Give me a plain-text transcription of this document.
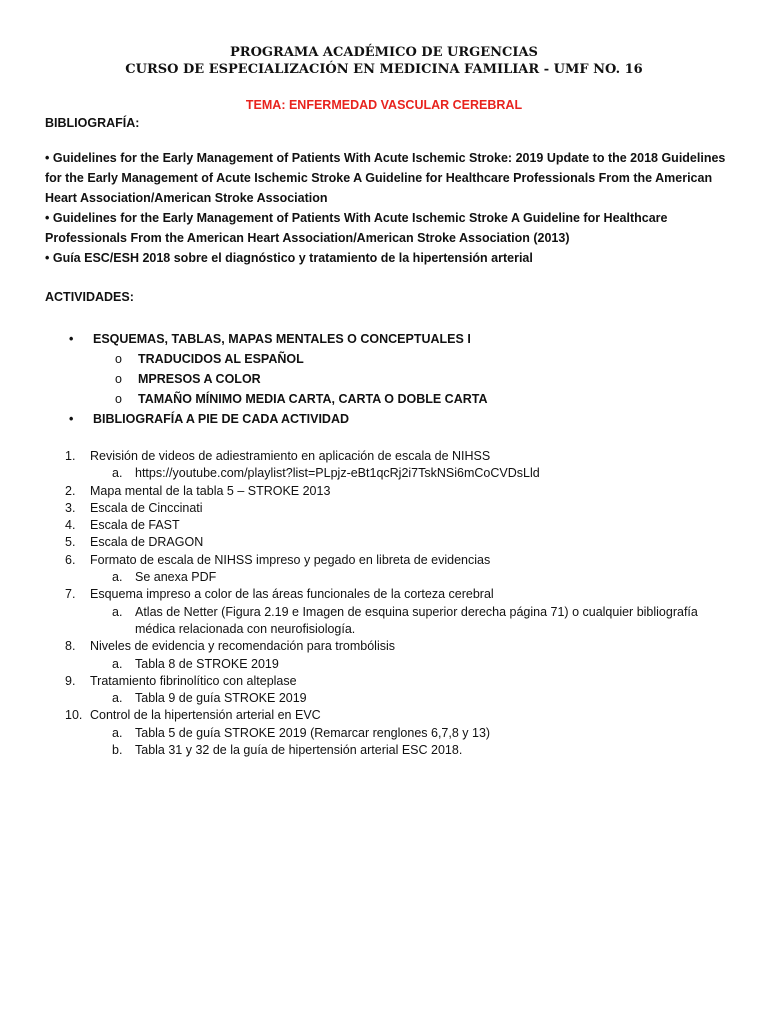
PROGRAMA ACADÉMICO DE URGENCIAS
CURSO DE ESPECIALIZACIÓN EN MEDICINA FAMILIAR - UMF NO. 16
TEMA: ENFERMEDAD VASCULAR CEREBRAL
BIBLIOGRAFÍA:

• Guidelines for the Early Management of Patients With Acute Ischemic Stroke: 2019 Update to the 2018 Guidelines for the Early Management of Acute Ischemic Stroke A Guideline for Healthcare Professionals From the American Heart Association/American Stroke Association

• Guidelines for the Early Management of Patients With Acute Ischemic Stroke A Guideline for Healthcare Professionals From the American Heart Association/American Stroke Association (2013)

• Guía ESC/ESH 2018 sobre el diagnóstico y tratamiento de la hipertensión arterial

ACTIVIDADES:
• ESQUEMAS, TABLAS, MAPAS MENTALES O CONCEPTUALES I
o TRADUCIDOS AL ESPAÑOL
o MPRESOS A COLOR
o TAMAÑO MÍNIMO MEDIA CARTA, CARTA O DOBLE CARTA
• BIBLIOGRAFÍA A PIE DE CADA ACTIVIDAD
1. Revisión de videos de adiestramiento en aplicación de escala de NIHSS
a. https://youtube.com/playlist?list=PLpjz-eBt1qcRj2i7TskNSi6mCoCVDsLld
2. Mapa mental de la tabla 5 – STROKE 2013
3. Escala de Cinccinati
4. Escala de FAST
5. Escala de DRAGON
6. Formato de escala de NIHSS impreso y pegado en libreta de evidencias
a. Se anexa PDF
7. Esquema impreso a color de las áreas funcionales de la corteza cerebral
a. Atlas de Netter (Figura 2.19 e Imagen de esquina superior derecha página 71) o cualquier bibliografía médica relacionada con neurofisiología.
8. Niveles de evidencia y recomendación para trombólisis
a. Tabla 8 de STROKE 2019
9. Tratamiento fibrinolítico con alteplase
a. Tabla 9 de guía STROKE 2019
10. Control de la hipertensión arterial en EVC
a. Tabla 5 de guía STROKE 2019 (Remarcar renglones 6,7,8 y 13)
b. Tabla 31 y 32 de la guía de hipertensión arterial ESC 2018.
